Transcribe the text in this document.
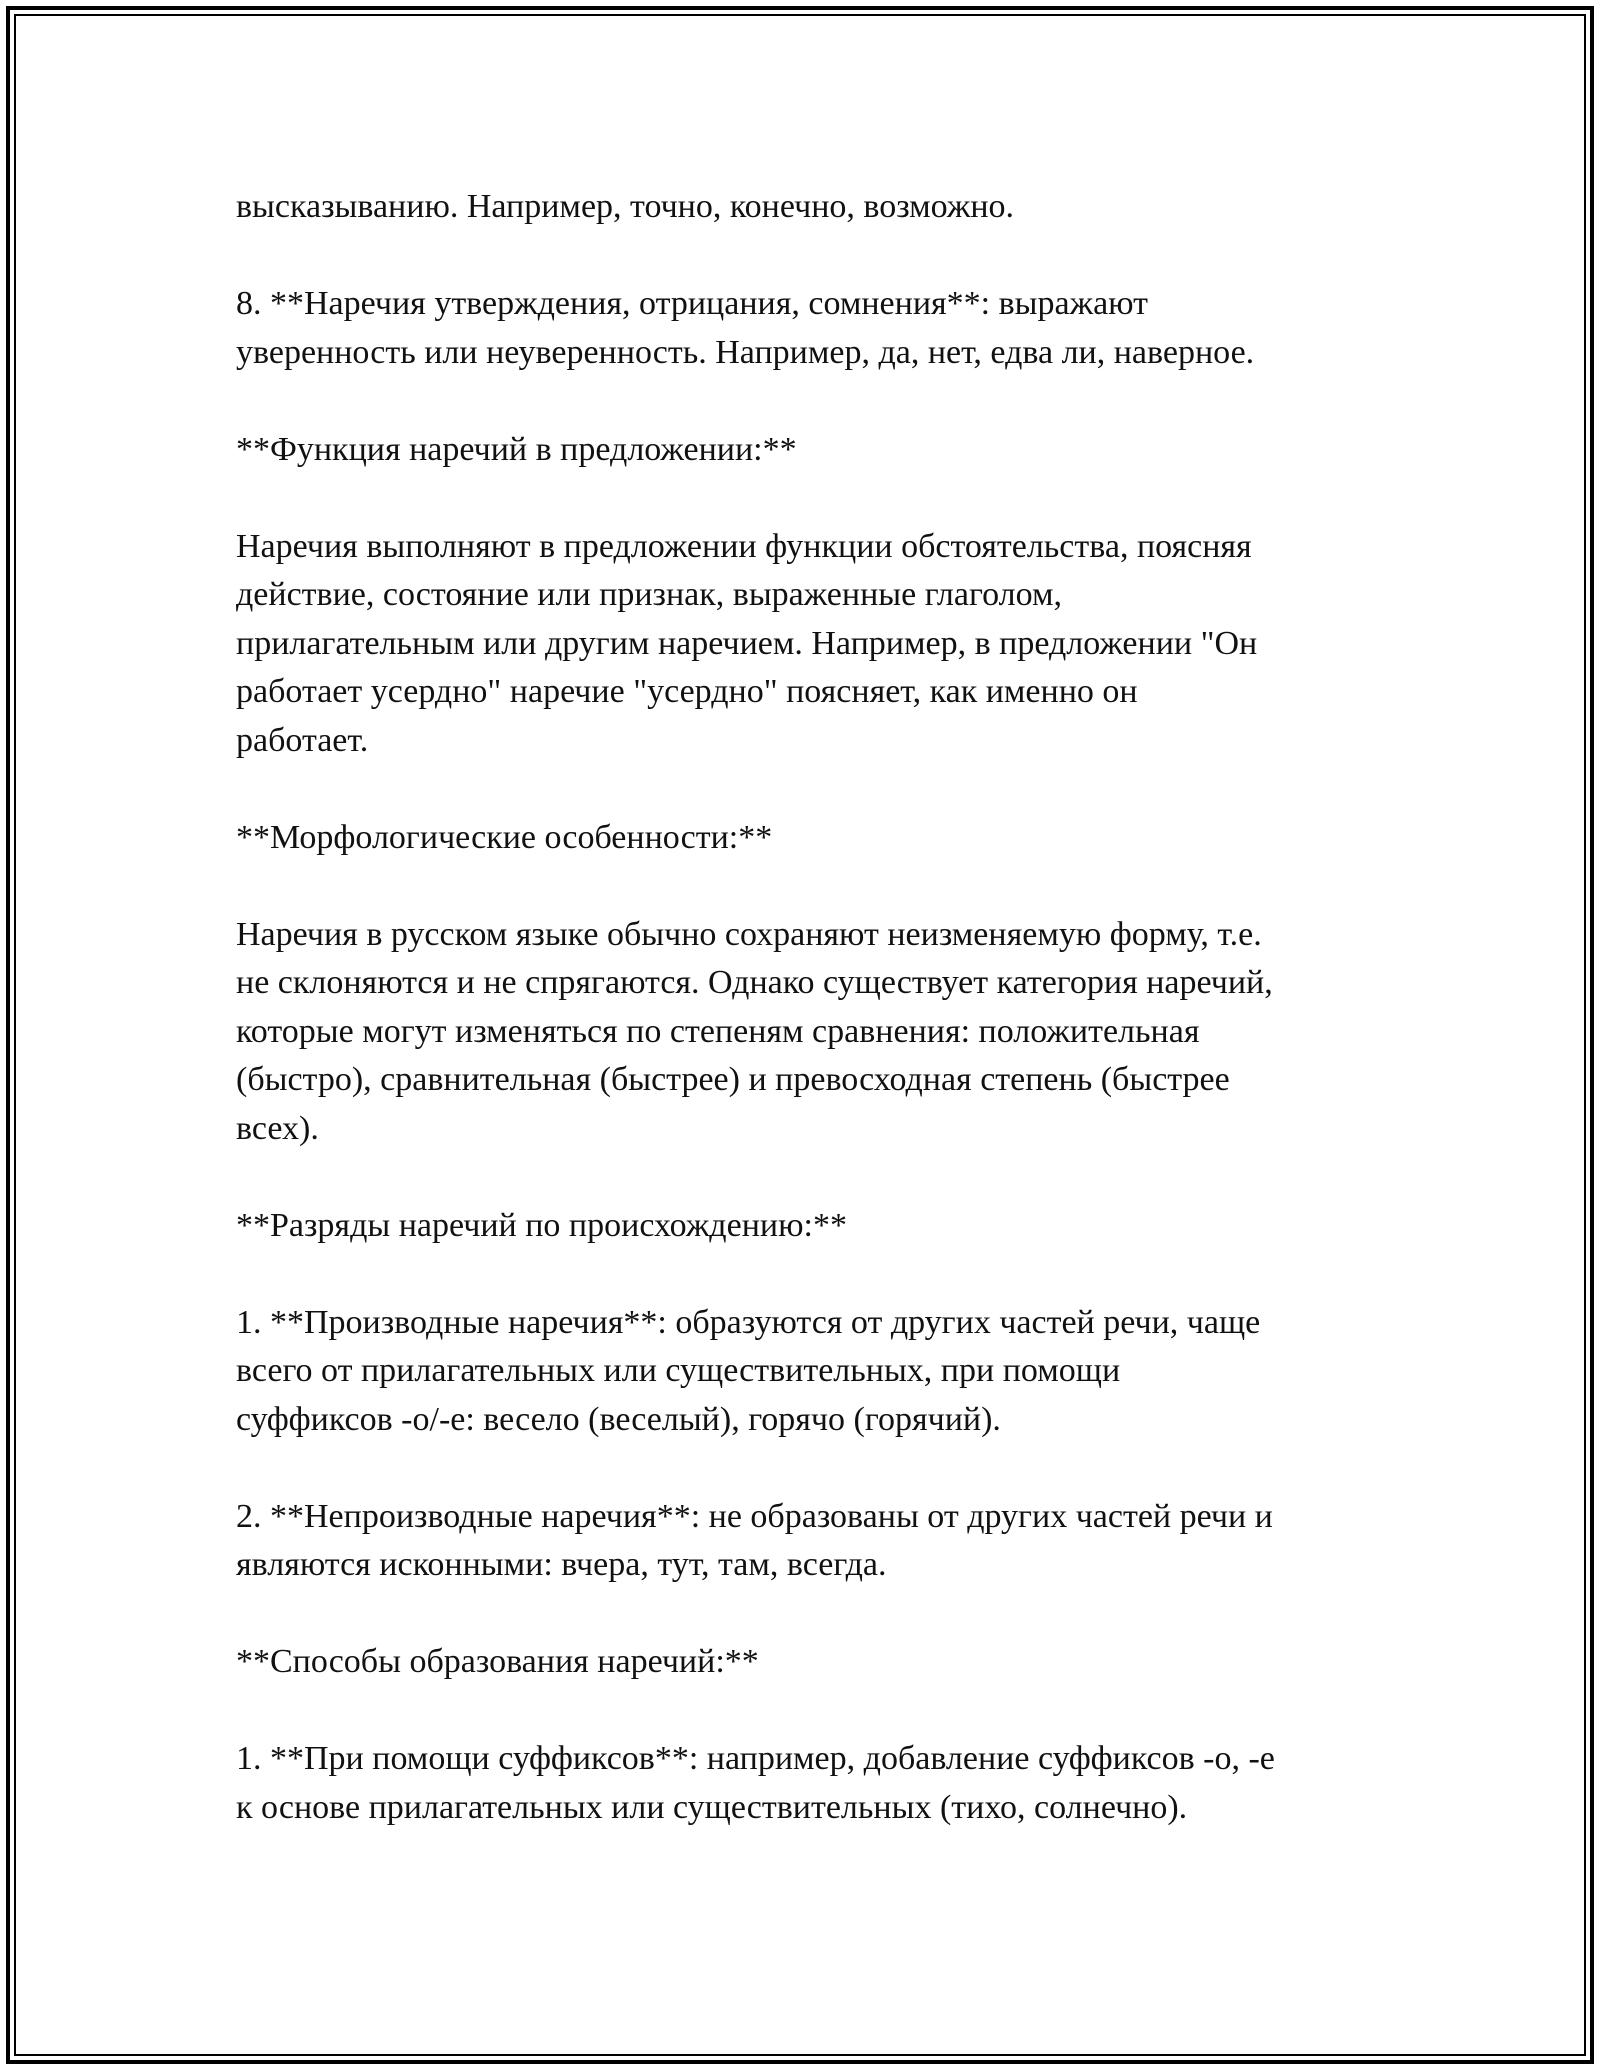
высказыванию. Например, точно, конечно, возможно.

8. **Наречия утверждения, отрицания, сомнения**: выражают
уверенность или неуверенность. Например, да, нет, едва ли, наверное.

**Функция наречий в предложении:**

Наречия выполняют в предложении функции обстоятельства, поясняя
действие, состояние или признак, выраженные глаголом,
прилагательным или другим наречием. Например, в предложении "Он
работает усердно" наречие "усердно" поясняет, как именно он
работает.

**Морфологические особенности:**

Наречия в русском языке обычно сохраняют неизменяемую форму, т.е.
не склоняются и не спрягаются. Однако существует категория наречий,
которые могут изменяться по степеням сравнения: положительная
(быстро), сравнительная (быстрее) и превосходная степень (быстрее
всех).

**Разряды наречий по происхождению:**

1. **Производные наречия**: образуются от других частей речи, чаще
всего от прилагательных или существительных, при помощи
суффиксов -о/-е: весело (веселый), горячо (горячий).

2. **Непроизводные наречия**: не образованы от других частей речи и
являются исконными: вчера, тут, там, всегда.

**Способы образования наречий:**

1. **При помощи суффиксов**: например, добавление суффиксов -о, -е
к основе прилагательных или существительных (тихо, солнечно).
